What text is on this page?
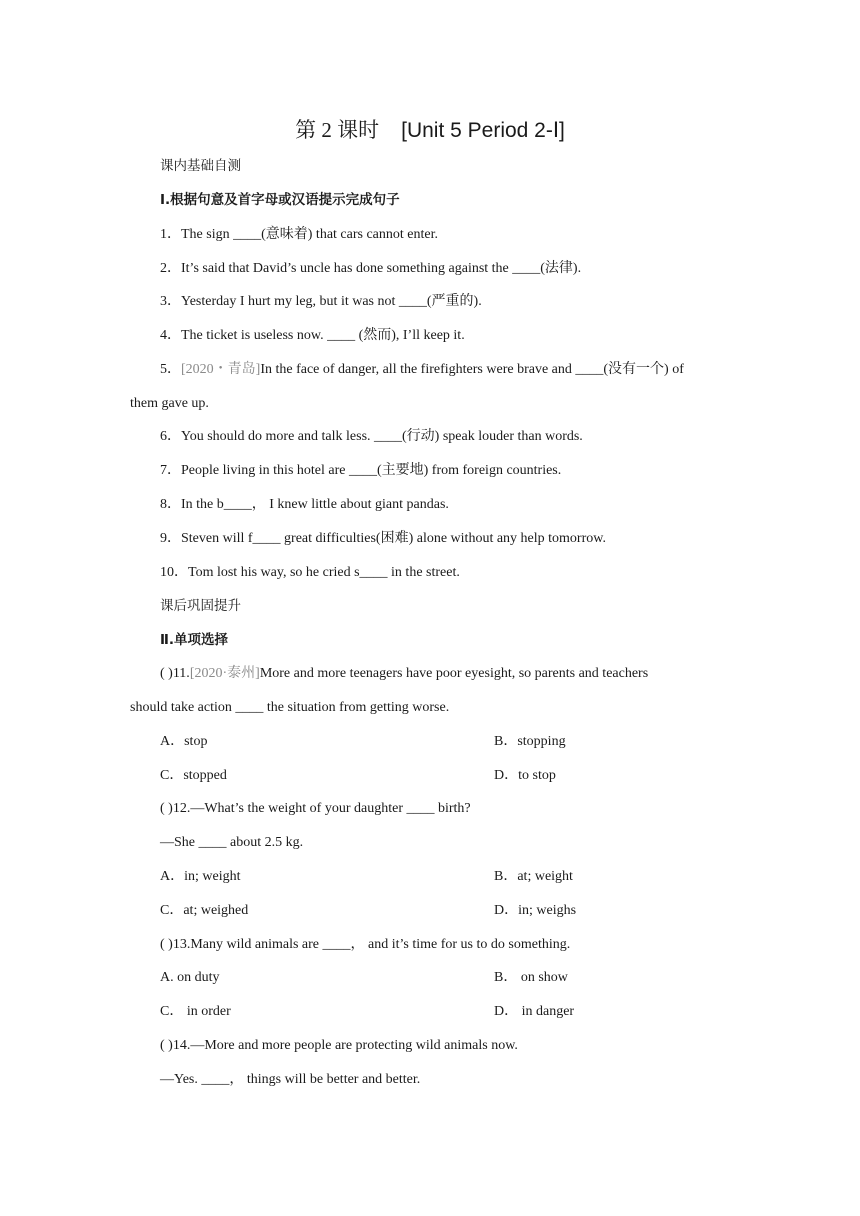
第 2 课时 [Unit 5 Period 2-Ⅰ]
课内基础自测
Ⅰ.根据句意及首字母或汉语提示完成句子
1．The sign ____(意味着) that cars cannot enter.
2．It’s said that David’s uncle has done something against the ____(法律).
3．Yesterday I hurt my leg, but it was not ____(严重的).
4．The ticket is useless now. ____ (然而), I’ll keep it.
5．[2020・青岛]In the face of danger, all the firefighters were brave and ____(没有一个) of
them gave up.
6．You should do more and talk less. ____(行动) speak louder than words.
7．People living in this hotel are ____(主要地) from foreign countries.
8．In the b____， I knew little about giant pandas.
9．Steven will f____ great difficulties(困难) alone without any help tomorrow.
10．Tom lost his way, so he cried s____ in the street.
课后巩固提升
Ⅱ.单项选择
( )11.[2020·泰州]More and more teenagers have poor eyesight, so parents and teachers
should take action ____ the situation from getting worse.
A．stop	B．stopping
C．stopped	D．to stop
( )12.—What’s the weight of your daughter ____ birth?
—She ____ about 2.5 kg.
A．in; weight	B．at; weight
C．at; weighed	D．in; weighs
( )13.Many wild animals are ____， and it’s time for us to do something.
A. on duty	B． on show
C． in order	D． in danger
( )14.—More and more people are protecting wild animals now.
—Yes. ____， things will be better and better.
